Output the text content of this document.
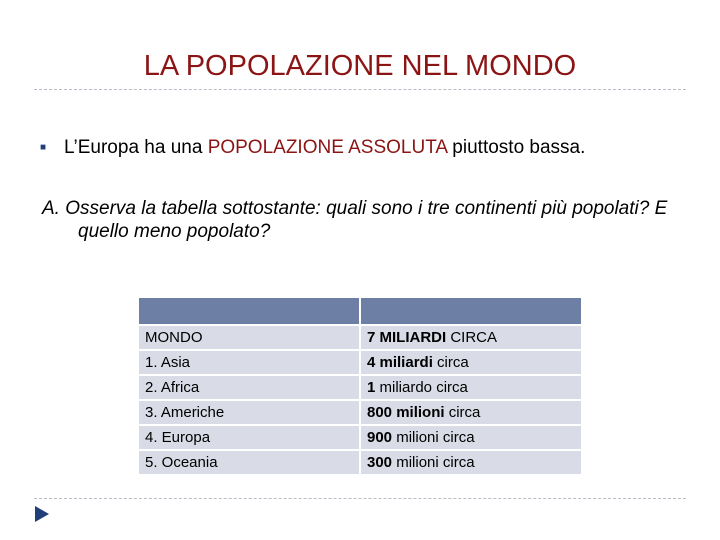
LA POPOLAZIONE NEL MONDO
■ L’Europa ha una POPOLAZIONE ASSOLUTA piuttosto bassa.
A. Osserva la tabella sottostante: quali sono i tre continenti più popolati? E quello meno popolato?

MONDO	7 MILIARDI CIRCA
1. Asia	4 miliardi circa
2. Africa	1 miliardo circa
3. Americhe	800 milioni circa
4. Europa	900 milioni circa
5. Oceania	300 milioni circa
